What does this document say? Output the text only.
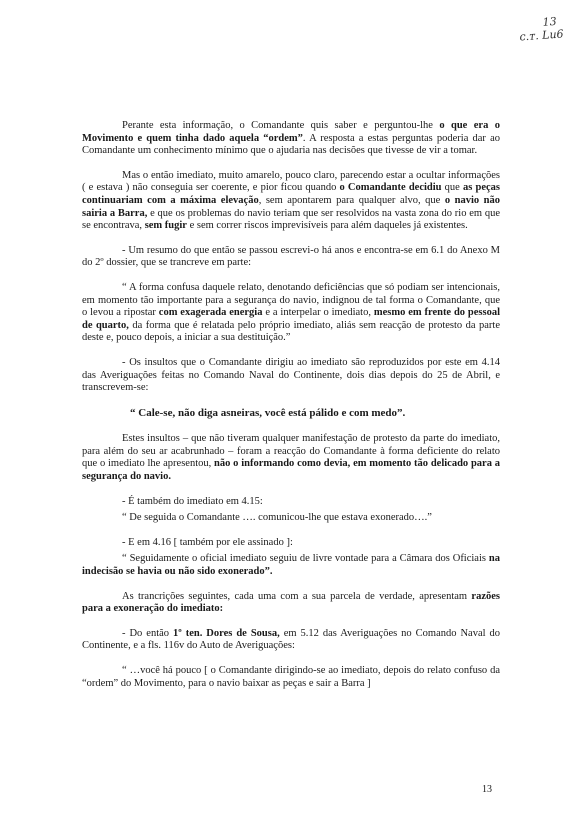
13
ᴄ.ᴛ. Lu6

Perante esta informação, o Comandante quis saber e perguntou-lhe o que era o Movimento e quem tinha dado aquela “ordem”. A resposta a estas perguntas poderia dar ao Comandante um conhecimento mínimo que o ajudaria nas decisões que tivesse de vir a tomar.

Mas o então imediato, muito amarelo, pouco claro, parecendo estar a ocultar informações ( e estava ) não conseguia ser coerente, e pior ficou quando o Comandante decidiu que as peças continuariam com a máxima elevação, sem apontarem para qualquer alvo, que o navio não sairia a Barra, e que os problemas do navio teriam que ser resolvidos na vasta zona do rio em que se encontrava, sem fugir e sem correr riscos imprevisíveis para além daqueles já existentes.

- Um resumo do que então se passou escrevi-o há anos e encontra-se em 6.1 do Anexo M do 2º dossier, que se trancreve em parte:

“ A forma confusa daquele relato, denotando deficiências que só podiam ser intencionais, em momento tão importante para a segurança do navio, indignou de tal forma o Comandante, que o levou a ripostar com exagerada energia e a interpelar o imediato, mesmo em frente do pessoal de quarto, da forma que é relatada pelo próprio imediato, aliás sem reacção de protesto da parte deste e, pouco depois, a iniciar a sua destituição.”

- Os insultos que o Comandante dirigiu ao imediato são reproduzidos por este em 4.14 das Averiguações feitas no Comando Naval do Continente, dois dias depois do 25 de Abril, e transcrevem-se:

“ Cale-se, não diga asneiras, você está pálido e com medo”.

Estes insultos – que não tiveram qualquer manifestação de protesto da parte do imediato, para além do seu ar acabrunhado – foram a reacção do Comandante à forma deficiente do relato que o imediato lhe apresentou, não o informando como devia, em momento tão delicado para a segurança do navio.

- É também do imediato em 4.15:

“ De seguida o Comandante …. comunicou-lhe que estava exonerado….”

- E em 4.16 [ também por ele assinado ]:

“ Seguidamente o oficial imediato seguiu de livre vontade para a Câmara dos Oficiais na indecisão se havia ou não sido exonerado”.

As trancrições seguintes, cada uma com a sua parcela de verdade, apresentam razões para a exoneração do imediato:

- Do então 1º ten. Dores de Sousa, em 5.12 das Averiguações no Comando Naval do Continente, e a fls. 116v do Auto de Averiguações:

“ …você há pouco [ o Comandante dirigindo-se ao imediato, depois do relato confuso da “ordem” do Movimento, para o navio baixar as peças e sair a Barra ]

13
